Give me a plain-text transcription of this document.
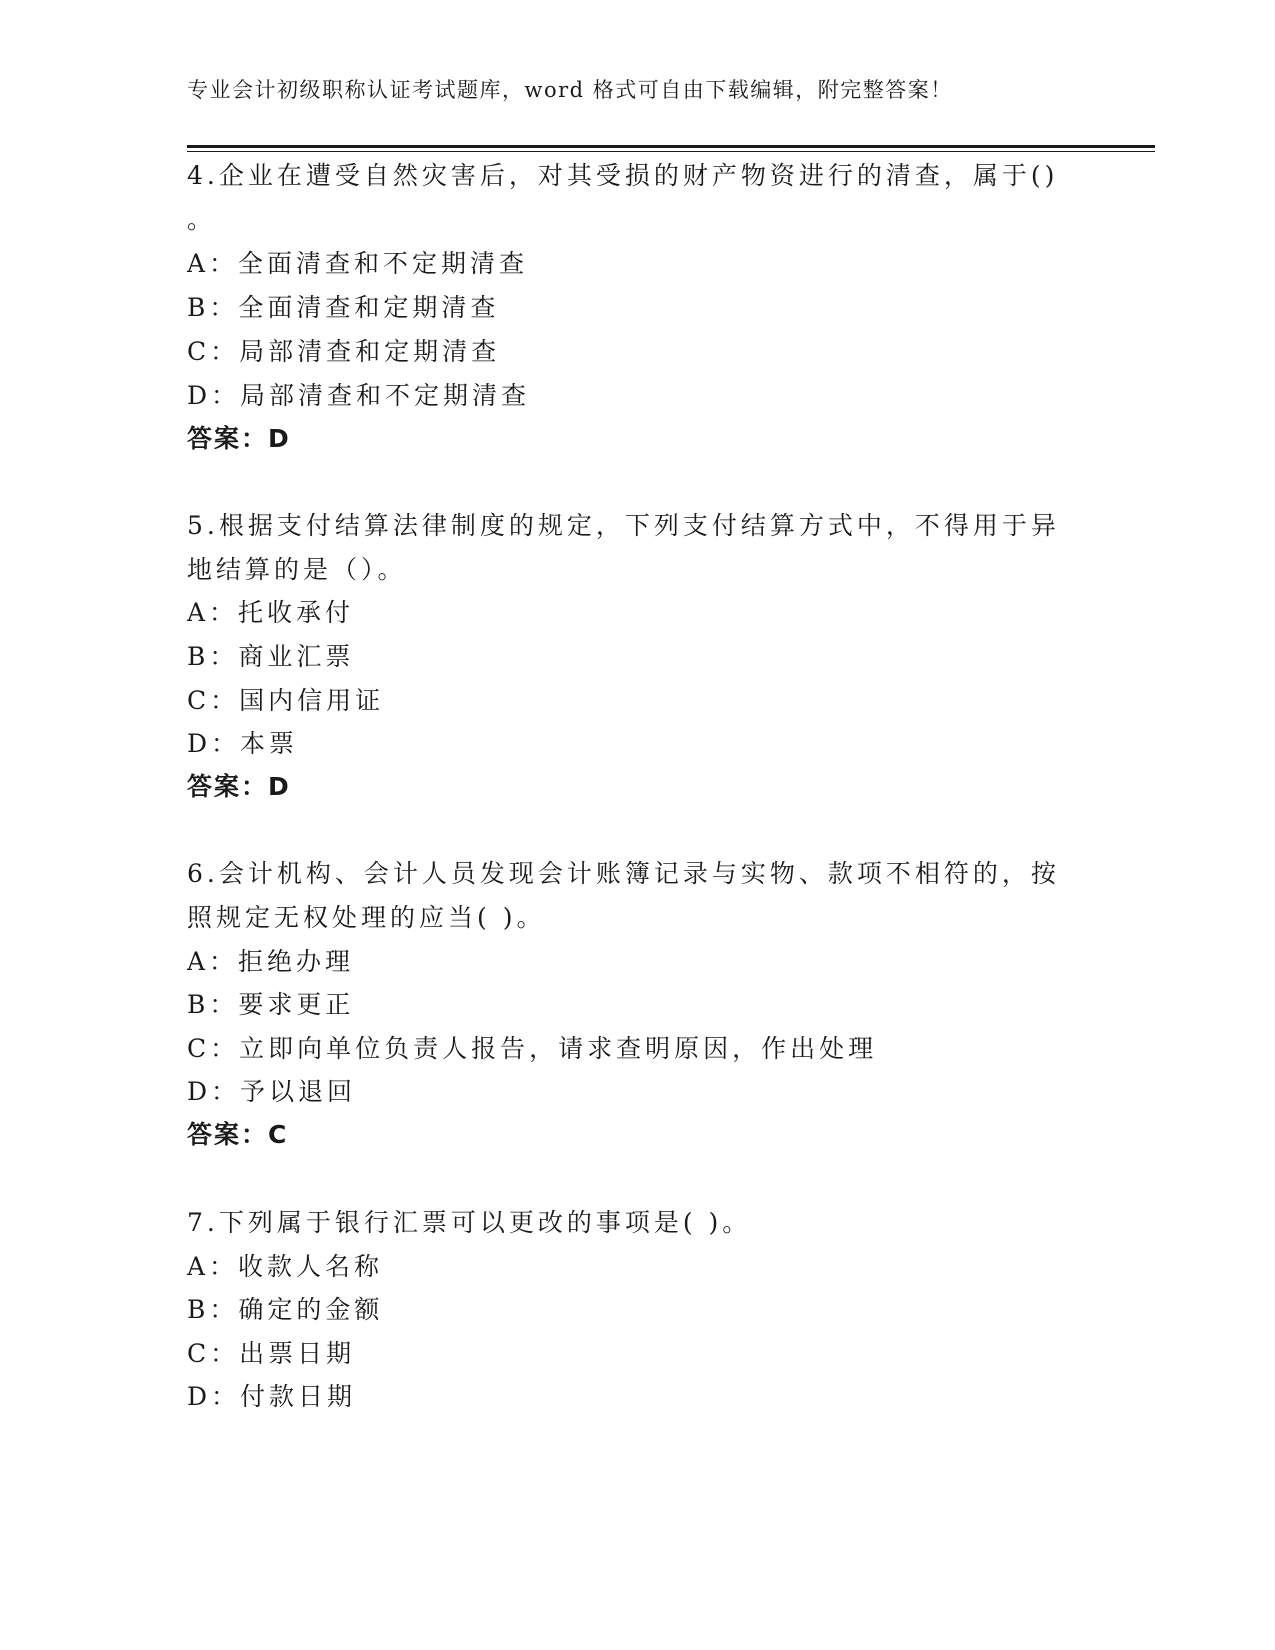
专业会计初级职称认证考试题库，word 格式可自由下载编辑，附完整答案！
4.企业在遭受自然灾害后，对其受损的财产物资进行的清查，属于()
。
A：全面清查和不定期清查
B：全面清查和定期清查
C：局部清查和定期清查
D：局部清查和不定期清查
答案：D
5.根据支付结算法律制度的规定，下列支付结算方式中，不得用于异
地结算的是（）。
A：托收承付
B：商业汇票
C：国内信用证
D：本票
答案：D
6.会计机构、会计人员发现会计账簿记录与实物、款项不相符的，按
照规定无权处理的应当( )。
A：拒绝办理
B：要求更正
C：立即向单位负责人报告，请求查明原因，作出处理
D：予以退回
答案：C
7.下列属于银行汇票可以更改的事项是( )。
A：收款人名称
B：确定的金额
C：出票日期
D：付款日期
